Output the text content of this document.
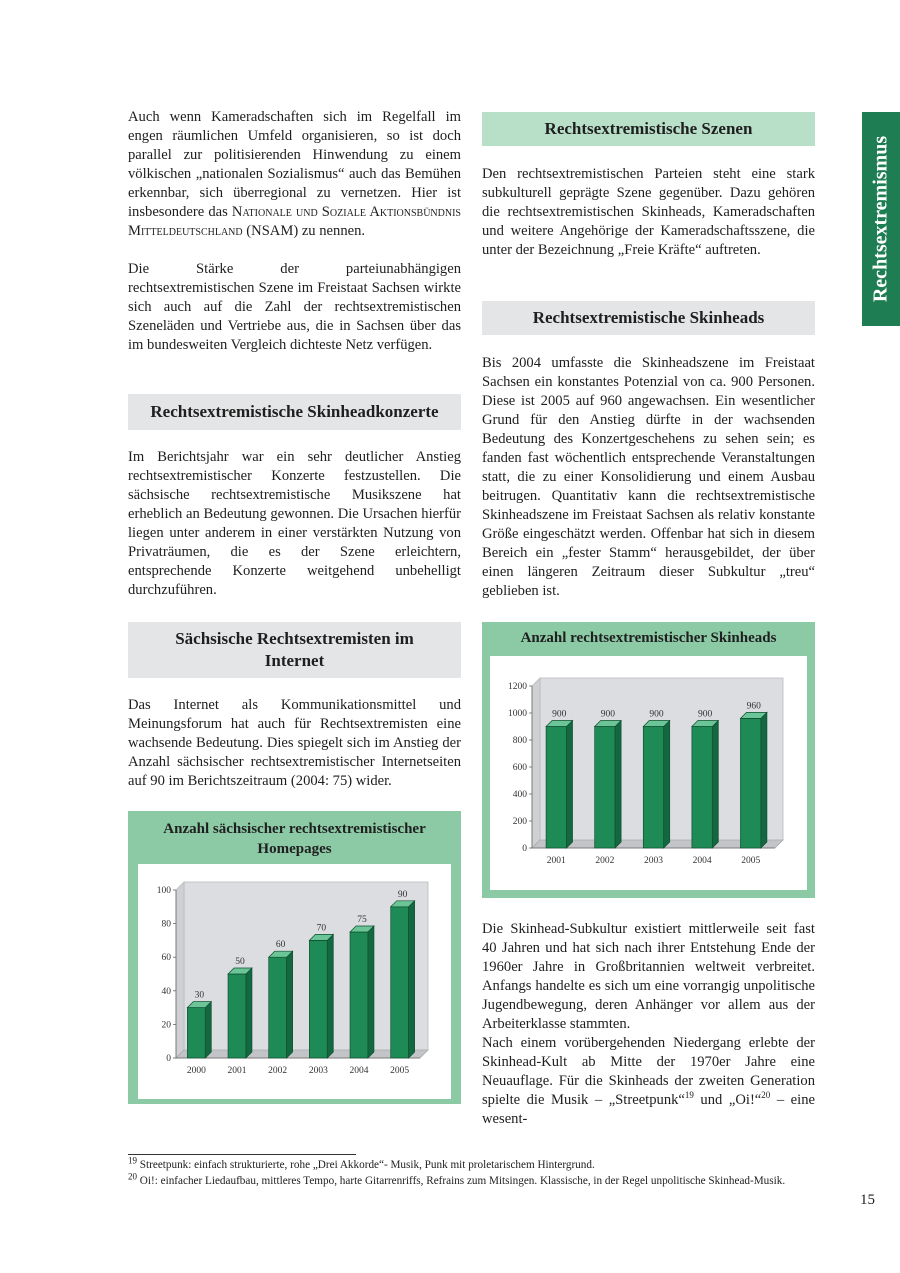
Rechtsextremismus

Auch wenn Kameradschaften sich im Regelfall im engen räumlichen Umfeld organisieren, so ist doch parallel zur politisierenden Hinwendung zu einem völkischen „nationalen Sozialismus“ auch das Bemühen erkennbar, sich überregional zu vernetzen. Hier ist insbesondere das Nationale und Soziale Aktionsbündnis Mitteldeutschland (NSAM) zu nennen.

Die Stärke der parteiunabhängigen rechtsextremistischen Szene im Freistaat Sachsen wirkte sich auch auf die Zahl der rechtsextremistischen Szeneläden und Vertriebe aus, die in Sachsen über das im bundesweiten Vergleich dichteste Netz verfügen.

Rechtsextremistische Skinheadkonzerte

Im Berichtsjahr war ein sehr deutlicher Anstieg rechtsextremistischer Konzerte festzustellen. Die sächsische rechtsextremistische Musikszene hat erheblich an Bedeutung gewonnen. Die Ursachen hierfür liegen unter anderem in einer verstärkten Nutzung von Privaträumen, die es der Szene erleichtern, entsprechende Konzerte weitgehend unbehelligt durchzuführen.

Sächsische Rechtsextremisten im Internet

Das Internet als Kommunikationsmittel und Meinungsforum hat auch für Rechtsextremisten eine wachsende Bedeutung. Dies spiegelt sich im Anstieg der Anzahl sächsischer rechtsextremistischer Internetseiten auf 90 im Berichtszeitraum (2004: 75) wider.

Anzahl sächsischer rechtsextremistischer Homepages
0
20
40
60
80
100
30
2000
50
2001
60
2002
70
2003
75
2004
90
2005
Rechtsextremistische Szenen

Den rechtsextremistischen Parteien steht eine stark subkulturell geprägte Szene gegenüber. Dazu gehören die rechtsextremistischen Skinheads, Kameradschaften und weitere Angehörige der Kameradschaftsszene, die unter der Bezeichnung „Freie Kräfte“ auftreten.

Rechtsextremistische Skinheads

Bis 2004 umfasste die Skinheadszene im Freistaat Sachsen ein konstantes Potenzial von ca. 900 Personen. Diese ist 2005 auf 960 angewachsen. Ein wesentlicher Grund für den Anstieg dürfte in der wachsenden Bedeutung des Konzertgeschehens zu sehen sein; es fanden fast wöchentlich entsprechende Veranstaltungen statt, die zu einer Konsolidierung und einem Ausbau beitrugen. Quantitativ kann die rechtsextremistische Skinheadszene im Freistaat Sachsen als relativ konstante Größe eingeschätzt werden. Offenbar hat sich in diesem Bereich ein „fester Stamm“ herausgebildet, der über einen längeren Zeitraum dieser Subkultur „treu“ geblieben ist.

Anzahl rechtsextremistischer Skinheads
0
200
400
600
800
1000
1200
900
2001
900
2002
900
2003
900
2004
960
2005

Die Skinhead-Subkultur existiert mittlerweile seit fast 40 Jahren und hat sich nach ihrer Entstehung Ende der 1960er Jahre in Großbritannien weltweit verbreitet. Anfangs handelte es sich um eine vorrangig unpolitische Jugendbewegung, deren Anhänger vor allem aus der Arbeiterklasse stammten.

Nach einem vorübergehenden Niedergang erlebte der Skinhead-Kult ab Mitte der 1970er Jahre eine Neuauflage. Für die Skinheads der zweiten Generation spielte die Musik – „Streetpunk“$^{19}$ und „Oi!“$^{20}$ – eine wesent-

$^{19}$ Streetpunk: einfach strukturierte, rohe „Drei Akkorde“- Musik, Punk mit proletarischem Hintergrund.

$^{20}$ Oi!: einfacher Liedaufbau, mittleres Tempo, harte Gitarrenriffs, Refrains zum Mitsingen. Klassische, in der Regel unpolitische Skinhead-Musik.

15
